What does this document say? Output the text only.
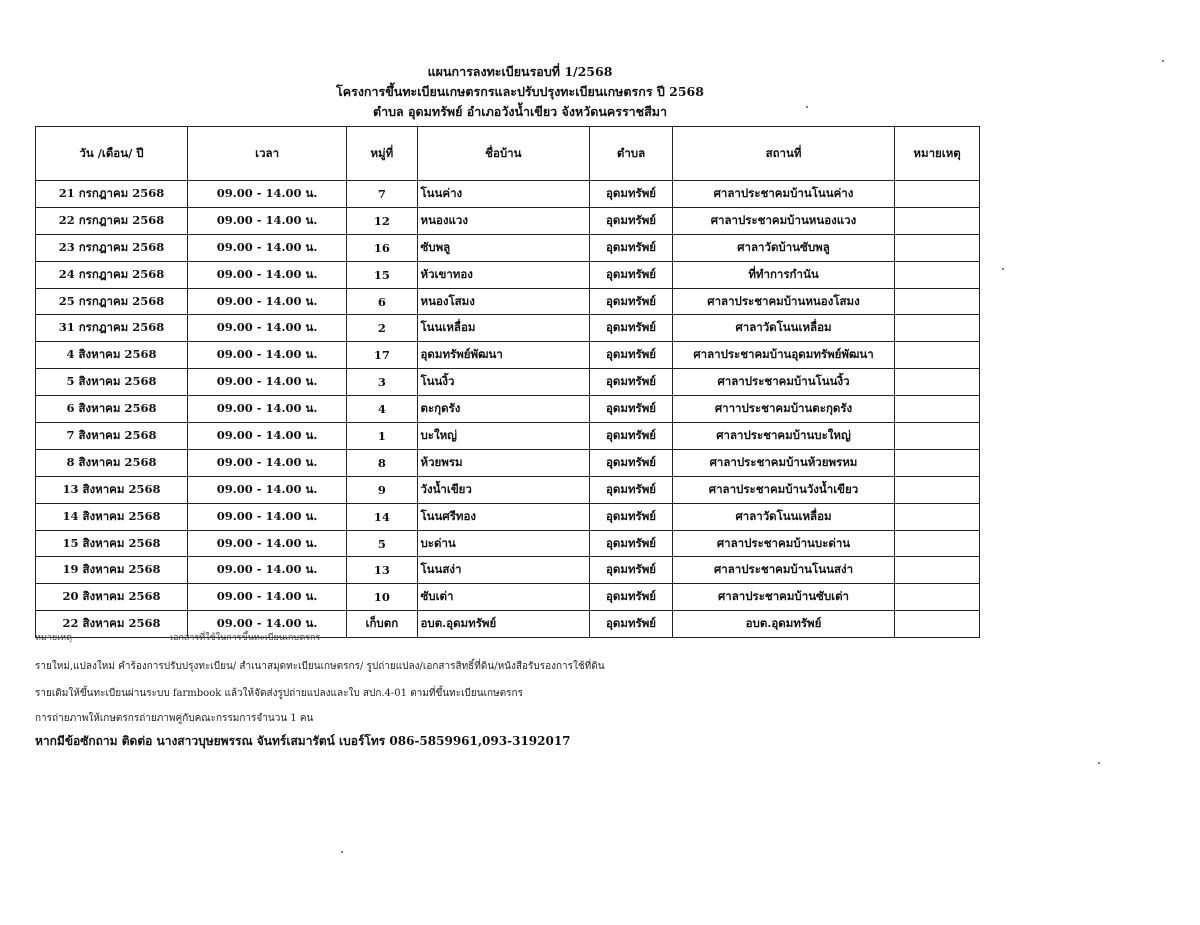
แผนการลงทะเบียนรอบที่ 1/2568
โครงการขึ้นทะเบียนเกษตรกรและปรับปรุงทะเบียนเกษตรกร ปี 2568
ตำบล อุดมทรัพย์ อำเภอวังน้ำเขียว จังหวัดนครราชสีมา
วัน /เดือน/ ปี	เวลา	หมู่ที่	ชื่อบ้าน	ตำบล	สถานที่	หมายเหตุ
21 กรกฎาคม 2568	09.00 - 14.00 น.	7	โนนค่าง	อุดมทรัพย์	ศาลาประชาคมบ้านโนนค่าง	
22 กรกฎาคม 2568	09.00 - 14.00 น.	12	หนองแวง	อุดมทรัพย์	ศาลาประชาคมบ้านหนองแวง	
23 กรกฎาคม 2568	09.00 - 14.00 น.	16	ซับพลู	อุดมทรัพย์	ศาลาวัดบ้านซับพลู	
24 กรกฎาคม 2568	09.00 - 14.00 น.	15	หัวเขาทอง	อุดมทรัพย์	ที่ทำการกำนัน	
25 กรกฎาคม 2568	09.00 - 14.00 น.	6	หนองโสมง	อุดมทรัพย์	ศาลาประชาคมบ้านหนองโสมง	
31 กรกฎาคม 2568	09.00 - 14.00 น.	2	โนนเหลื่อม	อุดมทรัพย์	ศาลาวัดโนนเหลื่อม	
4 สิงหาคม 2568	09.00 - 14.00 น.	17	อุดมทรัพย์พัฒนา	อุดมทรัพย์	ศาลาประชาคมบ้านอุดมทรัพย์พัฒนา	
5 สิงหาคม 2568	09.00 - 14.00 น.	3	โนนงิ้ว	อุดมทรัพย์	ศาลาประชาคมบ้านโนนงิ้ว	
6 สิงหาคม 2568	09.00 - 14.00 น.	4	ตะกุดรัง	อุดมทรัพย์	ศาาาประชาคมบ้านตะกุดรัง	
7 สิงหาคม 2568	09.00 - 14.00 น.	1	บะใหญ่	อุดมทรัพย์	ศาลาประชาคมบ้านบะใหญ่	
8 สิงหาคม 2568	09.00 - 14.00 น.	8	ห้วยพรม	อุดมทรัพย์	ศาลาประชาคมบ้านห้วยพรหม	
13 สิงหาคม 2568	09.00 - 14.00 น.	9	วังน้ำเขียว	อุดมทรัพย์	ศาลาประชาคมบ้านวังน้ำเขียว	
14 สิงหาคม 2568	09.00 - 14.00 น.	14	โนนศรีทอง	อุดมทรัพย์	ศาลาวัดโนนเหลื่อม	
15 สิงหาคม 2568	09.00 - 14.00 น.	5	บะด่าน	อุดมทรัพย์	ศาลาประชาคมบ้านบะด่าน	
19 สิงหาคม 2568	09.00 - 14.00 น.	13	โนนสง่า	อุดมทรัพย์	ศาลาประชาคมบ้านโนนสง่า	
20 สิงหาคม 2568	09.00 - 14.00 น.	10	ซับเต่า	อุดมทรัพย์	ศาลาประชาคมบ้านซับเต่า	
22 สิงหาคม 2568	09.00 - 14.00 น.	เก็บตก	อบต.อุดมทรัพย์	อุดมทรัพย์	อบต.อุดมทรัพย์	
หมายเหตุ	เอกสารที่ใช้ในการขึ้นทะเบียนเกษตรกร
รายใหม่,แปลงใหม่ คำร้องการปรับปรุงทะเบียน/ สำเนาสมุดทะเบียนเกษตรกร/ รูปถ่ายแปลง/เอกสารสิทธิ์ที่ดิน/หนังสือรับรองการใช้ที่ดิน
รายเดิมให้ขึ้นทะเบียนผ่านระบบ farmbook แล้วให้จัดส่งรูปถ่ายแปลงและใบ สปก.4-01 ตามที่ขึ้นทะเบียนเกษตรกร
การถ่ายภาพให้เกษตรกรถ่ายภาพคู่กับคณะกรรมการจำนวน 1 คน
หากมีข้อซักถาม ติดต่อ นางสาวบุษยพรรณ จันทร์เสมารัตน์ เบอร์โทร 086-5859961,093-3192017
